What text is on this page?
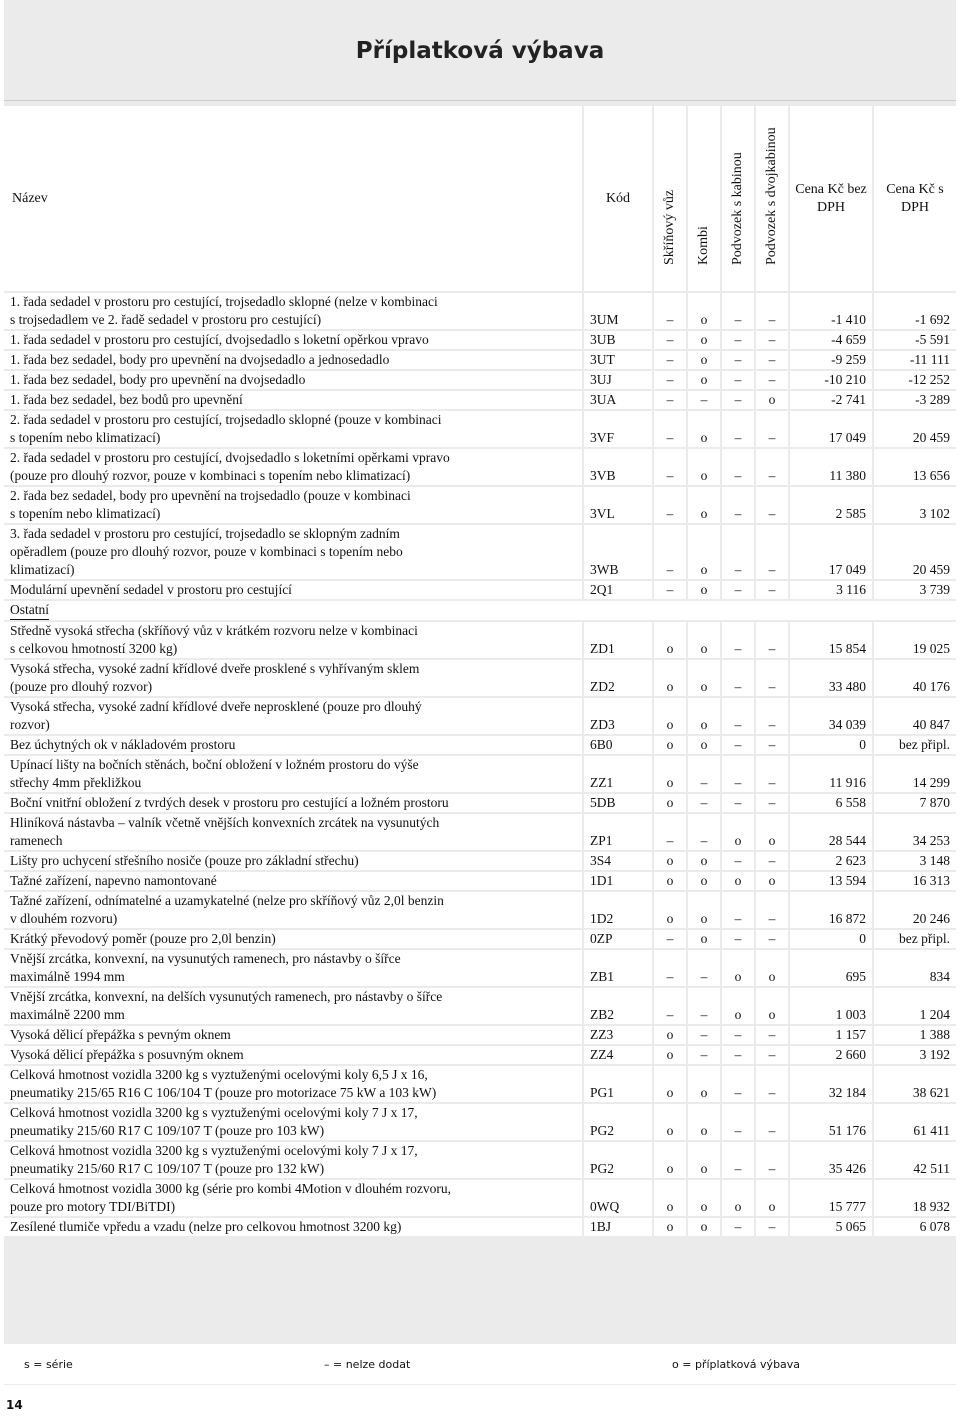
Příplatková výbava
Název	Kód	Skříňový vůz	Kombi	Podvozek s kabinou	Podvozek s dvojkabinou	Cena Kč bez DPH	Cena Kč s DPH
1. řada sedadel v prostoru pro cestující, trojsedadlo sklopné (nelze v kombinaci
s trojsedadlem ve 2. řadě sedadel v prostoru pro cestující)	3UM	–	o	–	–	-1 410	-1 692
1. řada sedadel v prostoru pro cestující, dvojsedadlo s loketní opěrkou vpravo	3UB	–	o	–	–	-4 659	-5 591
1. řada bez sedadel, body pro upevnění na dvojsedadlo a jednosedadlo	3UT	–	o	–	–	-9 259	-11 111
1. řada bez sedadel, body pro upevnění na dvojsedadlo	3UJ	–	o	–	–	-10 210	-12 252
1. řada bez sedadel, bez bodů pro upevnění	3UA	–	–	–	o	-2 741	-3 289
2. řada sedadel v prostoru pro cestující, trojsedadlo sklopné (pouze v kombinaci
s topením nebo klimatizací)	3VF	–	o	–	–	17 049	20 459
2. řada sedadel v prostoru pro cestující, dvojsedadlo s loketními opěrkami vpravo
(pouze pro dlouhý rozvor, pouze v kombinaci s topením nebo klimatizací)	3VB	–	o	–	–	11 380	13 656
2. řada bez sedadel, body pro upevnění na trojsedadlo (pouze v kombinaci
s topením nebo klimatizací)	3VL	–	o	–	–	2 585	3 102
3. řada sedadel v prostoru pro cestující, trojsedadlo se sklopným zadním
opěradlem (pouze pro dlouhý rozvor, pouze v kombinaci s topením nebo
klimatizací)	3WB	–	o	–	–	17 049	20 459
Modulární upevnění sedadel v prostoru pro cestující	2Q1	–	o	–	–	3 116	3 739
Ostatní							
Středně vysoká střecha (skříňový vůz v krátkém rozvoru nelze v kombinaci
s celkovou hmotností 3200 kg)	ZD1	o	o	–	–	15 854	19 025
Vysoká střecha, vysoké zadní křídlové dveře prosklené s vyhřívaným sklem
(pouze pro dlouhý rozvor)	ZD2	o	o	–	–	33 480	40 176
Vysoká střecha, vysoké zadní křídlové dveře neprosklené (pouze pro dlouhý
rozvor)	ZD3	o	o	–	–	34 039	40 847
Bez úchytných ok v nákladovém prostoru	6B0	o	o	–	–	0	bez připl.
Upínací lišty na bočních stěnách, boční obložení v ložném prostoru do výše
střechy 4mm překližkou	ZZ1	o	–	–	–	11 916	14 299
Boční vnitřní obložení z tvrdých desek v prostoru pro cestující a ložném prostoru	5DB	o	–	–	–	6 558	7 870
Hliníková nástavba – valník včetně vnějších konvexních zrcátek na vysunutých
ramenech	ZP1	–	–	o	o	28 544	34 253
Lišty pro uchycení střešního nosiče (pouze pro základní střechu)	3S4	o	o	–	–	2 623	3 148
Tažné zařízení, napevno namontované	1D1	o	o	o	o	13 594	16 313
Tažné zařízení, odnímatelné a uzamykatelné (nelze pro skříňový vůz 2,0l benzin
v dlouhém rozvoru)	1D2	o	o	–	–	16 872	20 246
Krátký převodový poměr (pouze pro 2,0l benzin)	0ZP	–	o	–	–	0	bez připl.
Vnější zrcátka, konvexní, na vysunutých ramenech, pro nástavby o šířce
maximálně 1994 mm	ZB1	–	–	o	o	695	834
Vnější zrcátka, konvexní, na delších vysunutých ramenech, pro nástavby o šířce
maximálně 2200 mm	ZB2	–	–	o	o	1 003	1 204
Vysoká dělicí přepážka s pevným oknem	ZZ3	o	–	–	–	1 157	1 388
Vysoká dělicí přepážka s posuvným oknem	ZZ4	o	–	–	–	2 660	3 192
Celková hmotnost vozidla 3200 kg s vyztuženými ocelovými koly 6,5 J x 16,
pneumatiky 215/65 R16 C 106/104 T (pouze pro motorizace 75 kW a 103 kW)	PG1	o	o	–	–	32 184	38 621
Celková hmotnost vozidla 3200 kg s vyztuženými ocelovými koly 7 J x 17,
pneumatiky 215/60 R17 C 109/107 T (pouze pro 103 kW)	PG2	o	o	–	–	51 176	61 411
Celková hmotnost vozidla 3200 kg s vyztuženými ocelovými koly 7 J x 17,
pneumatiky 215/60 R17 C 109/107 T (pouze pro 132 kW)	PG2	o	o	–	–	35 426	42 511
Celková hmotnost vozidla 3000 kg (série pro kombi 4Motion v dlouhém rozvoru,
pouze pro motory TDI/BiTDI)	0WQ	o	o	o	o	15 777	18 932
Zesílené tlumiče vpředu a vzadu (nelze pro celkovou hmotnost 3200 kg)	1BJ	o	o	–	–	5 065	6 078
s = série	– = nelze dodat	o = příplatková výbava
14
